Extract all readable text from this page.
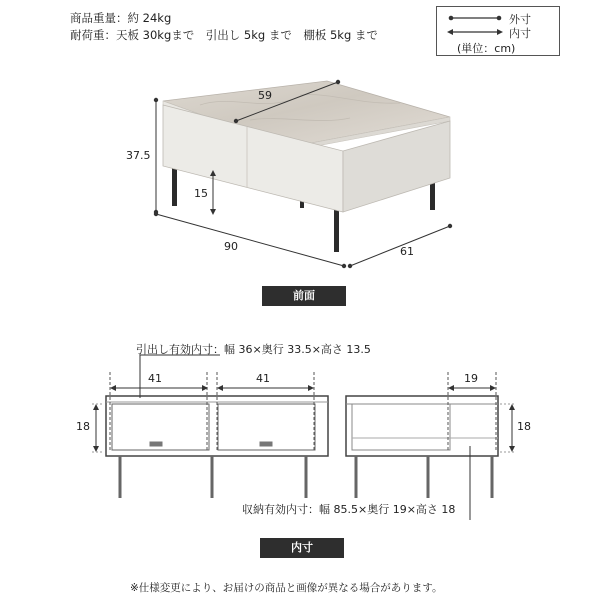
商品重量：約 24kg
耐荷重：天板 30kgまで　引出し 5kg まで　棚板 5kg まで
外寸
内寸
(単位：cm)
59
37.5
15
90	61
前面
引出し有効内寸：幅 36×奥行 33.5×高さ 13.5
41	41
18
19
18
収納有効内寸：幅 85.5×奥行 19×高さ 18
内寸
※仕様変更により、お届けの商品と画像が異なる場合があります。
